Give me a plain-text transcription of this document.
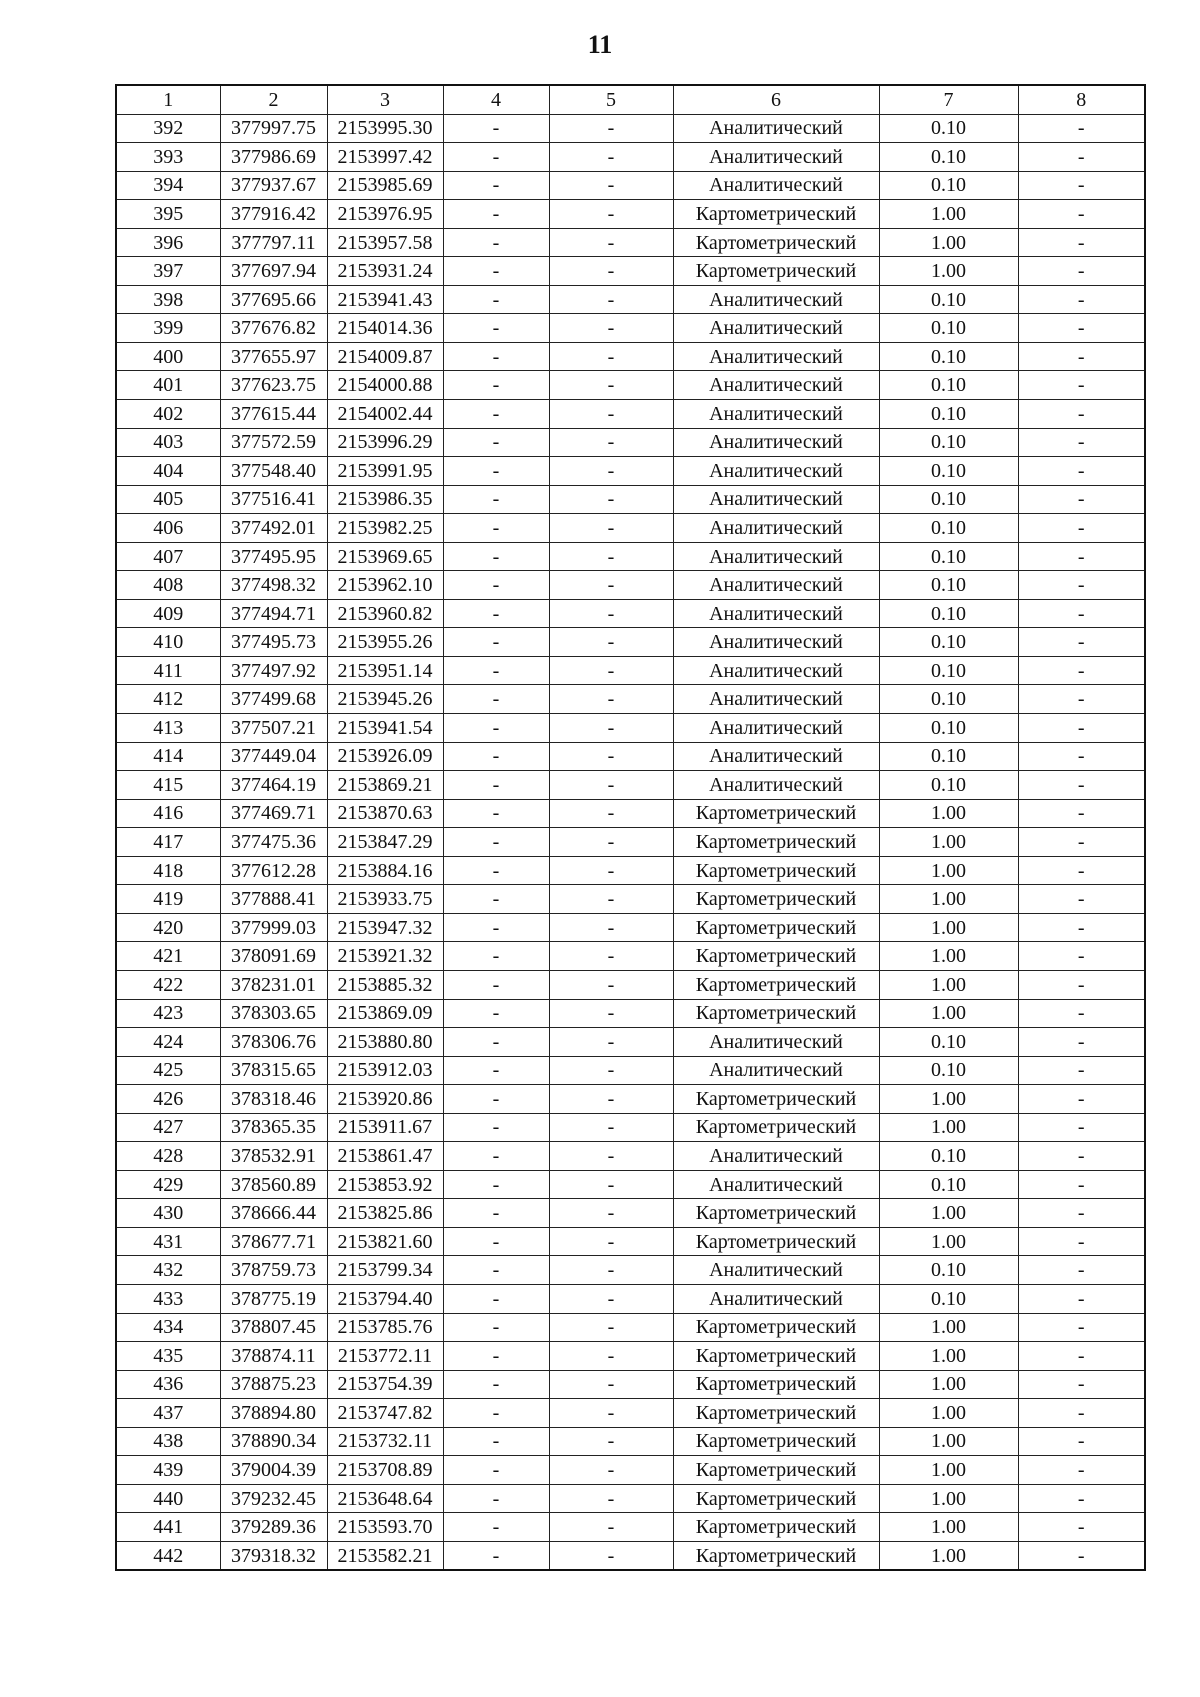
11
1	2	3	4	5	6	7	8
392	377997.75	2153995.30	-	-	Аналитический	0.10	-
393	377986.69	2153997.42	-	-	Аналитический	0.10	-
394	377937.67	2153985.69	-	-	Аналитический	0.10	-
395	377916.42	2153976.95	-	-	Картометрический	1.00	-
396	377797.11	2153957.58	-	-	Картометрический	1.00	-
397	377697.94	2153931.24	-	-	Картометрический	1.00	-
398	377695.66	2153941.43	-	-	Аналитический	0.10	-
399	377676.82	2154014.36	-	-	Аналитический	0.10	-
400	377655.97	2154009.87	-	-	Аналитический	0.10	-
401	377623.75	2154000.88	-	-	Аналитический	0.10	-
402	377615.44	2154002.44	-	-	Аналитический	0.10	-
403	377572.59	2153996.29	-	-	Аналитический	0.10	-
404	377548.40	2153991.95	-	-	Аналитический	0.10	-
405	377516.41	2153986.35	-	-	Аналитический	0.10	-
406	377492.01	2153982.25	-	-	Аналитический	0.10	-
407	377495.95	2153969.65	-	-	Аналитический	0.10	-
408	377498.32	2153962.10	-	-	Аналитический	0.10	-
409	377494.71	2153960.82	-	-	Аналитический	0.10	-
410	377495.73	2153955.26	-	-	Аналитический	0.10	-
411	377497.92	2153951.14	-	-	Аналитический	0.10	-
412	377499.68	2153945.26	-	-	Аналитический	0.10	-
413	377507.21	2153941.54	-	-	Аналитический	0.10	-
414	377449.04	2153926.09	-	-	Аналитический	0.10	-
415	377464.19	2153869.21	-	-	Аналитический	0.10	-
416	377469.71	2153870.63	-	-	Картометрический	1.00	-
417	377475.36	2153847.29	-	-	Картометрический	1.00	-
418	377612.28	2153884.16	-	-	Картометрический	1.00	-
419	377888.41	2153933.75	-	-	Картометрический	1.00	-
420	377999.03	2153947.32	-	-	Картометрический	1.00	-
421	378091.69	2153921.32	-	-	Картометрический	1.00	-
422	378231.01	2153885.32	-	-	Картометрический	1.00	-
423	378303.65	2153869.09	-	-	Картометрический	1.00	-
424	378306.76	2153880.80	-	-	Аналитический	0.10	-
425	378315.65	2153912.03	-	-	Аналитический	0.10	-
426	378318.46	2153920.86	-	-	Картометрический	1.00	-
427	378365.35	2153911.67	-	-	Картометрический	1.00	-
428	378532.91	2153861.47	-	-	Аналитический	0.10	-
429	378560.89	2153853.92	-	-	Аналитический	0.10	-
430	378666.44	2153825.86	-	-	Картометрический	1.00	-
431	378677.71	2153821.60	-	-	Картометрический	1.00	-
432	378759.73	2153799.34	-	-	Аналитический	0.10	-
433	378775.19	2153794.40	-	-	Аналитический	0.10	-
434	378807.45	2153785.76	-	-	Картометрический	1.00	-
435	378874.11	2153772.11	-	-	Картометрический	1.00	-
436	378875.23	2153754.39	-	-	Картометрический	1.00	-
437	378894.80	2153747.82	-	-	Картометрический	1.00	-
438	378890.34	2153732.11	-	-	Картометрический	1.00	-
439	379004.39	2153708.89	-	-	Картометрический	1.00	-
440	379232.45	2153648.64	-	-	Картометрический	1.00	-
441	379289.36	2153593.70	-	-	Картометрический	1.00	-
442	379318.32	2153582.21	-	-	Картометрический	1.00	-
